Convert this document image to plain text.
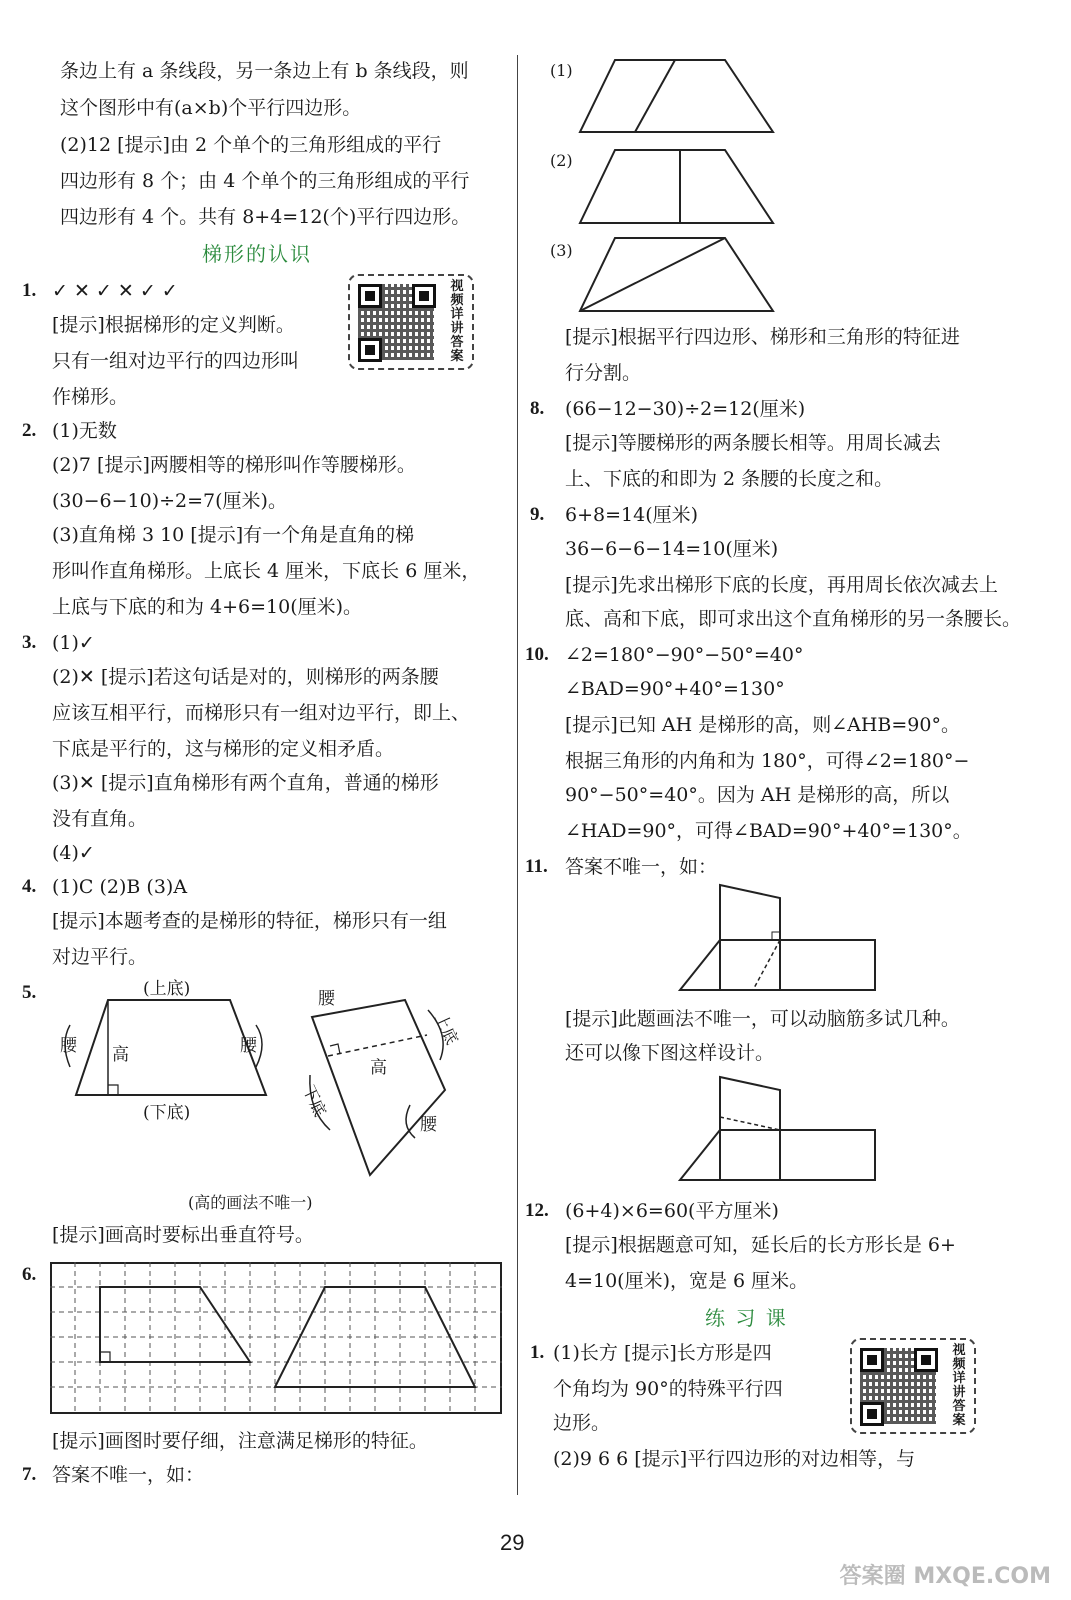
条边上有 a 条线段，另一条边上有 b 条线段，则
这个图形中有(a×b)个平行四边形。
(2)12 [提示]由 2 个单个的三角形组成的平行
四边形有 8 个；由 4 个单个的三角形组成的平行
四边形有 4 个。共有 8+4=12(个)平行四边形。
梯形的认识
1. ✓ ✕ ✓ ✕ ✓ ✓
[提示]根据梯形的定义判断。
只有一组对边平行的四边形叫
作梯形。
视频详讲答案
2. (1)无数
(2)7 [提示]两腰相等的梯形叫作等腰梯形。
(30−6−10)÷2=7(厘米)。
(3)直角梯 3 10 [提示]有一个角是直角的梯
形叫作直角梯形。上底长 4 厘米，下底长 6 厘米，
上底与下底的和为 4+6=10(厘米)。
3. (1)✓
(2)✕ [提示]若这句话是对的，则梯形的两条腰
应该互相平行，而梯形只有一组对边平行，即上、
下底是平行的，这与梯形的定义相矛盾。
(3)✕ [提示]直角梯形有两个直角，普通的梯形
没有直角。
(4)✓
4. (1)C (2)B (3)A
[提示]本题考查的是梯形的特征，梯形只有一组
对边平行。
5.	(上底)
腰 高	腰
(下底)
腰
上底
高
下底
腰
(高的画法不唯一)
[提示]画高时要标出垂直符号。
6.
[提示]画图时要仔细，注意满足梯形的特征。
7. 答案不唯一，如：
(1)
(2)
(3)
[提示]根据平行四边形、梯形和三角形的特征进
行分割。
8. (66−12−30)÷2=12(厘米)
[提示]等腰梯形的两条腰长相等。用周长减去
上、下底的和即为 2 条腰的长度之和。
9. 6+8=14(厘米)
36−6−6−14=10(厘米)
[提示]先求出梯形下底的长度，再用周长依次减去上
底、高和下底，即可求出这个直角梯形的另一条腰长。
10. ∠2=180°−90°−50°=40°
∠BAD=90°+40°=130°
[提示]已知 AH 是梯形的高，则∠AHB=90°。
根据三角形的内角和为 180°，可得∠2=180°−
90°−50°=40°。因为 AH 是梯形的高，所以
∠HAD=90°，可得∠BAD=90°+40°=130°。
11. 答案不唯一，如：
[提示]此题画法不唯一，可以动脑筋多试几种。
还可以像下图这样设计。
12. (6+4)×6=60(平方厘米)
[提示]根据题意可知，延长后的长方形长是 6+
4=10(厘米)，宽是 6 厘米。
练 习 课
1. (1)长方 [提示]长方形是四
个角均为 90°的特殊平行四
边形。
视频详讲答案
(2)9 6 6 [提示]平行四边形的对边相等，与
29
答案圈 MXQE.COM
